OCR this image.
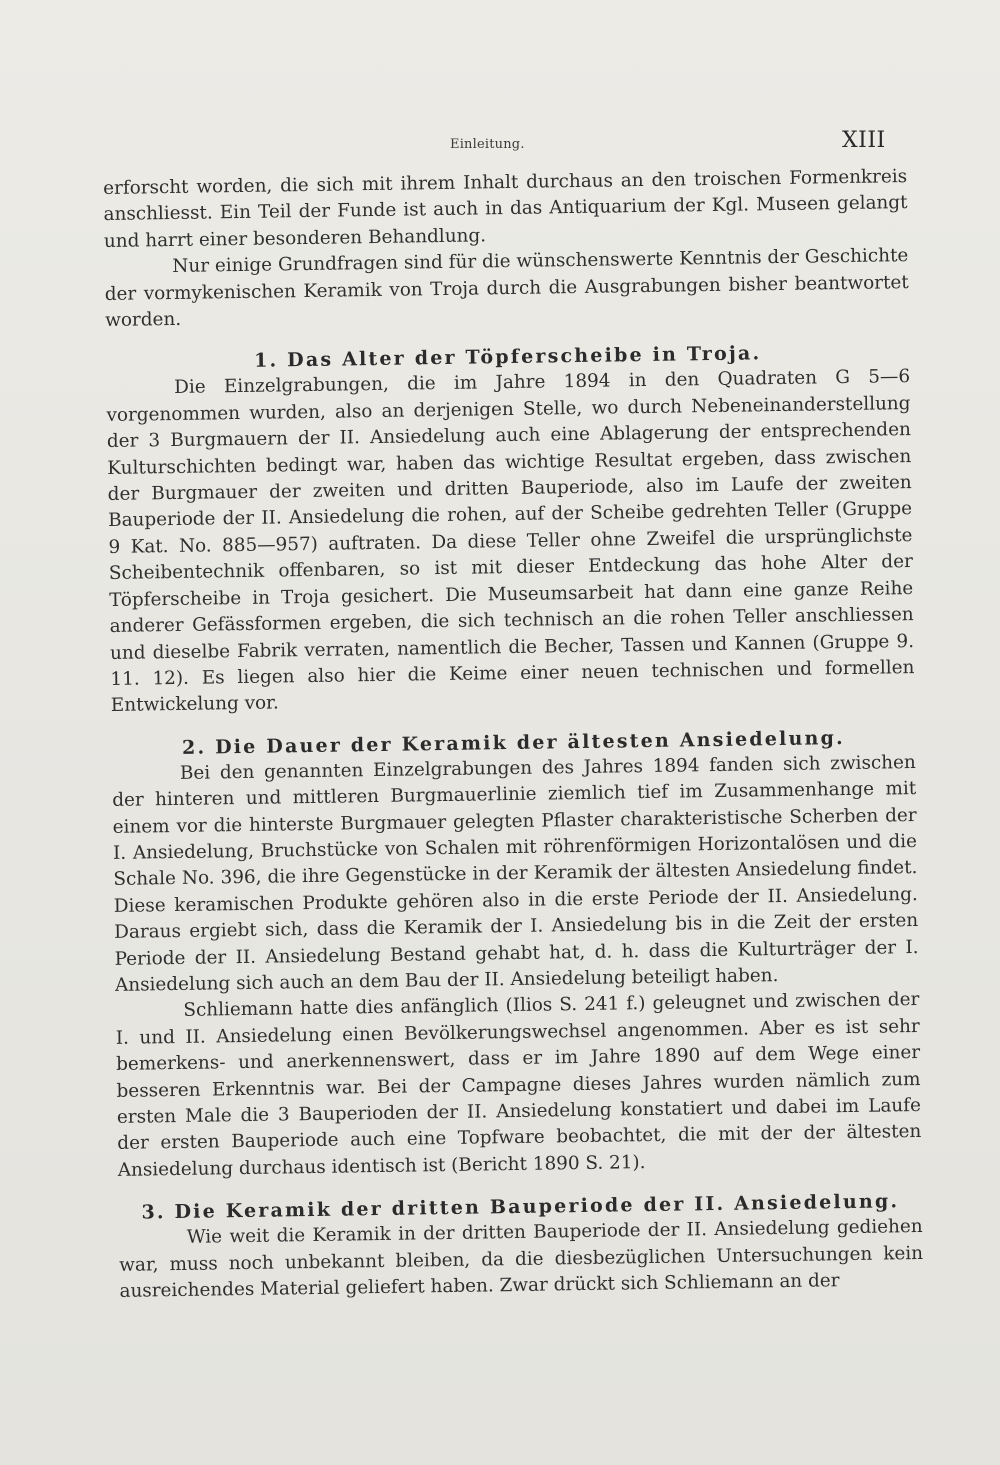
Einleitung.	XIII

erforscht worden, die sich mit ihrem Inhalt durchaus an den troischen Formenkreis anschliesst. Ein Teil der Funde ist auch in das Antiquarium der Kgl. Museen gelangt und harrt einer besonderen Behandlung.

Nur einige Grundfragen sind für die wünschenswerte Kenntnis der Geschichte der vormykenischen Keramik von Troja durch die Ausgrabungen bisher beantwortet worden.

1. Das Alter der Töpferscheibe in Troja.

Die Einzelgrabungen, die im Jahre 1894 in den Quadraten G 5—6 vorgenommen wurden, also an derjenigen Stelle, wo durch Nebeneinanderstellung der 3 Burgmauern der II. Ansiedelung auch eine Ablagerung der entsprechenden Kulturschichten bedingt war, haben das wichtige Resultat ergeben, dass zwischen der Burgmauer der zweiten und dritten Bauperiode, also im Laufe der zweiten Bauperiode der II. Ansiedelung die rohen, auf der Scheibe gedrehten Teller (Gruppe 9 Kat. No. 885—957) auftraten. Da diese Teller ohne Zweifel die ursprünglichste Scheibentechnik offenbaren, so ist mit dieser Entdeckung das hohe Alter der Töpferscheibe in Troja gesichert. Die Museumsarbeit hat dann eine ganze Reihe anderer Gefässformen ergeben, die sich technisch an die rohen Teller anschliessen und dieselbe Fabrik verraten, namentlich die Becher, Tassen und Kannen (Gruppe 9. 11. 12). Es liegen also hier die Keime einer neuen technischen und formellen Entwickelung vor.

2. Die Dauer der Keramik der ältesten Ansiedelung.

Bei den genannten Einzelgrabungen des Jahres 1894 fanden sich zwischen der hinteren und mittleren Burgmauerlinie ziemlich tief im Zusammenhange mit einem vor die hinterste Burgmauer gelegten Pflaster charakteristische Scherben der I. Ansiedelung, Bruchstücke von Schalen mit röhrenförmigen Horizontalösen und die Schale No. 396, die ihre Gegenstücke in der Keramik der ältesten Ansiedelung findet. Diese keramischen Produkte gehören also in die erste Periode der II. Ansiedelung. Daraus ergiebt sich, dass die Keramik der I. Ansiedelung bis in die Zeit der ersten Periode der II. Ansiedelung Bestand gehabt hat, d. h. dass die Kulturträger der I. Ansiedelung sich auch an dem Bau der II. Ansiedelung beteiligt haben.

Schliemann hatte dies anfänglich (Ilios S. 241 f.) geleugnet und zwischen der I. und II. Ansiedelung einen Bevölkerungswechsel angenommen. Aber es ist sehr bemerkens- und anerkennenswert, dass er im Jahre 1890 auf dem Wege einer besseren Erkenntnis war. Bei der Campagne dieses Jahres wurden nämlich zum ersten Male die 3 Bauperioden der II. Ansiedelung konstatiert und dabei im Laufe der ersten Bauperiode auch eine Topfware beobachtet, die mit der der ältesten Ansiedelung durchaus identisch ist (Bericht 1890 S. 21).

3. Die Keramik der dritten Bauperiode der II. Ansiedelung.

Wie weit die Keramik in der dritten Bauperiode der II. Ansiedelung gediehen war, muss noch unbekannt bleiben, da die diesbezüglichen Untersuchungen kein ausreichendes Material geliefert haben. Zwar drückt sich Schliemann an der
